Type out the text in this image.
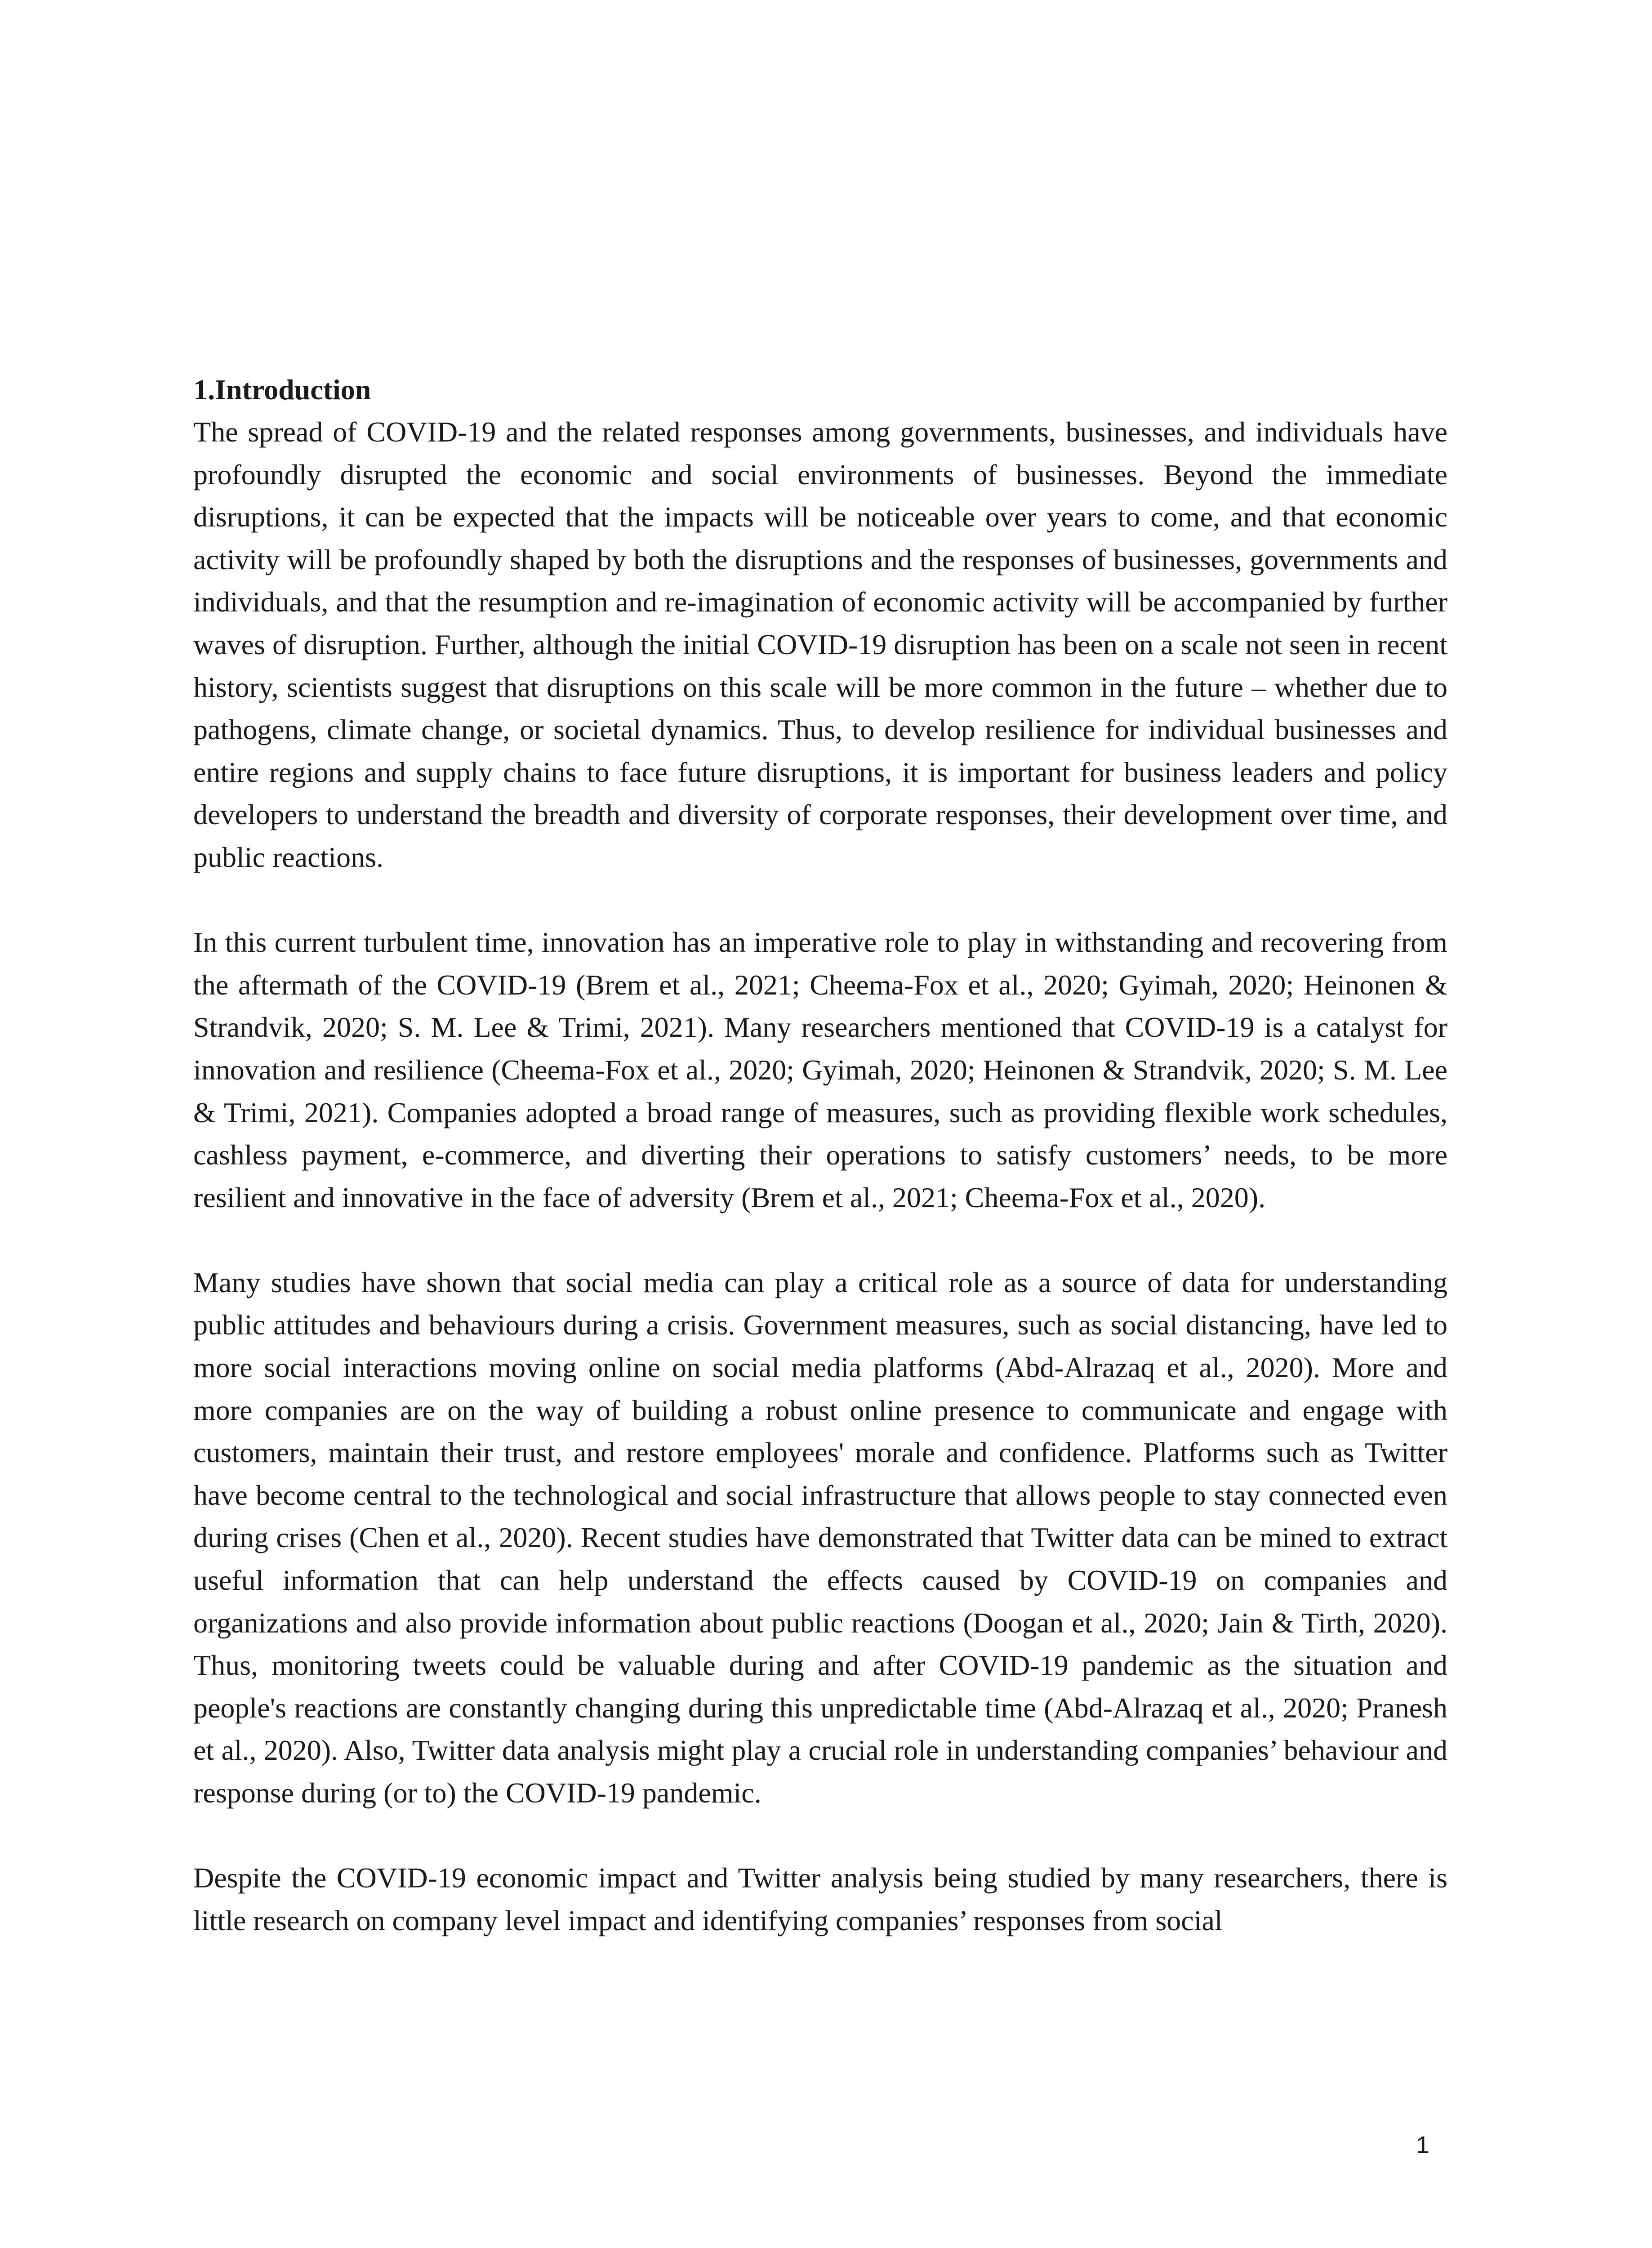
1.Introduction

The spread of COVID-19 and the related responses among governments, businesses, and individuals have profoundly disrupted the economic and social environments of businesses. Beyond the immediate disruptions, it can be expected that the impacts will be noticeable over years to come, and that economic activity will be profoundly shaped by both the disruptions and the responses of businesses, governments and individuals, and that the resumption and re-imagination of economic activity will be accompanied by further waves of disruption. Further, although the initial COVID-19 disruption has been on a scale not seen in recent history, scientists suggest that disruptions on this scale will be more common in the future – whether due to pathogens, climate change, or societal dynamics. Thus, to develop resilience for individual businesses and entire regions and supply chains to face future disruptions, it is important for business leaders and policy developers to understand the breadth and diversity of corporate responses, their development over time, and public reactions.

In this current turbulent time, innovation has an imperative role to play in withstanding and recovering from the aftermath of the COVID-19 (Brem et al., 2021; Cheema-Fox et al., 2020; Gyimah, 2020; Heinonen & Strandvik, 2020; S. M. Lee & Trimi, 2021). Many researchers mentioned that COVID-19 is a catalyst for innovation and resilience (Cheema-Fox et al., 2020; Gyimah, 2020; Heinonen & Strandvik, 2020; S. M. Lee & Trimi, 2021). Companies adopted a broad range of measures, such as providing flexible work schedules, cashless payment, e-commerce, and diverting their operations to satisfy customers’ needs, to be more resilient and innovative in the face of adversity (Brem et al., 2021; Cheema-Fox et al., 2020).

Many studies have shown that social media can play a critical role as a source of data for understanding public attitudes and behaviours during a crisis. Government measures, such as social distancing, have led to more social interactions moving online on social media platforms (Abd-Alrazaq et al., 2020). More and more companies are on the way of building a robust online presence to communicate and engage with customers, maintain their trust, and restore employees' morale and confidence. Platforms such as Twitter have become central to the technological and social infrastructure that allows people to stay connected even during crises (Chen et al., 2020). Recent studies have demonstrated that Twitter data can be mined to extract useful information that can help understand the effects caused by COVID-19 on companies and organizations and also provide information about public reactions (Doogan et al., 2020; Jain & Tirth, 2020). Thus, monitoring tweets could be valuable during and after COVID-19 pandemic as the situation and people's reactions are constantly changing during this unpredictable time (Abd-Alrazaq et al., 2020; Pranesh et al., 2020). Also, Twitter data analysis might play a crucial role in understanding companies’ behaviour and response during (or to) the COVID-19 pandemic.

Despite the COVID-19 economic impact and Twitter analysis being studied by many researchers, there is little research on company level impact and identifying companies’ responses from social

1
